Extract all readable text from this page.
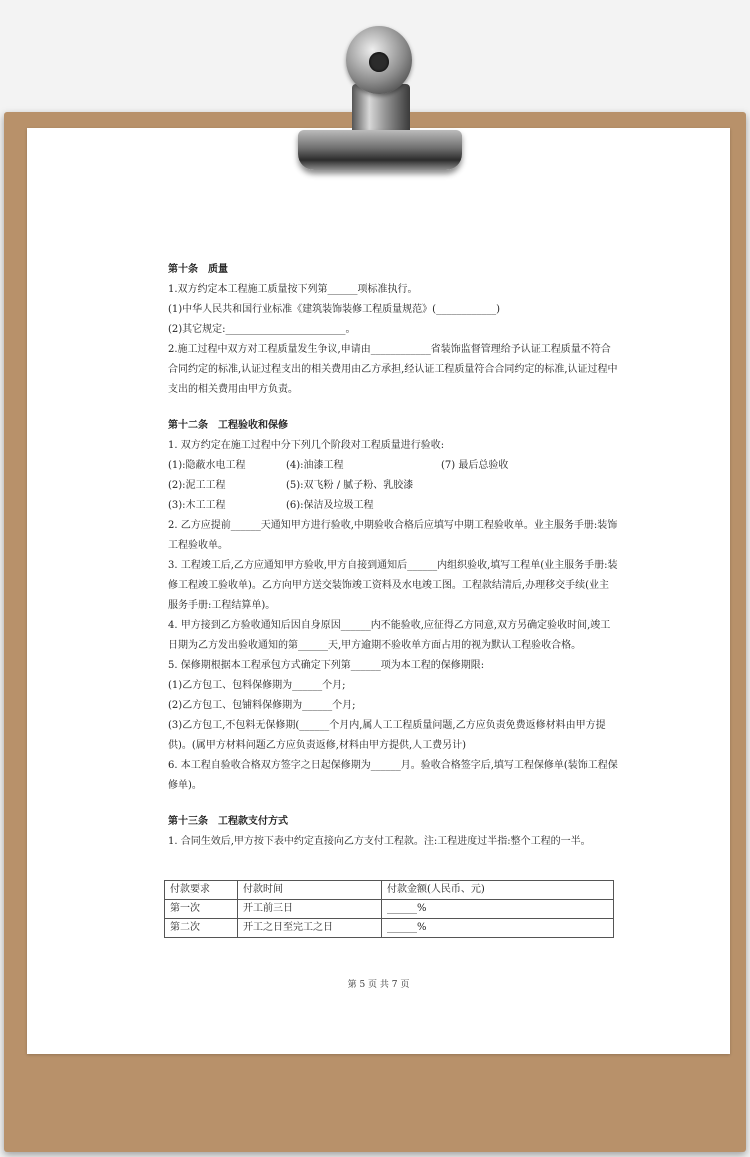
第十条　质量
1.双方约定本工程施工质量按下列第______项标准执行。
(1)中华人民共和国行业标准《建筑装饰装修工程质量规范》(____________)
(2)其它规定:________________________。
2.施工过程中双方对工程质量发生争议,申请由____________省装饰监督管理给予认证工程质量不符合合同约定的标准,认证过程支出的相关费用由乙方承担,经认证工程质量符合合同约定的标准,认证过程中支出的相关费用由甲方负责。
第十二条　工程验收和保修
1. 双方约定在施工过程中分下列几个阶段对工程质量进行验收:
(1):隐蔽水电工程	(4):油漆工程	(7) 最后总验收
(2):泥工工程	(5):双飞粉 / 腻子粉、乳胶漆
(3):木工工程	(6):保洁及垃圾工程
2. 乙方应提前______天通知甲方进行验收,中期验收合格后应填写中期工程验收单。业主服务手册:装饰工程验收单。
3. 工程竣工后,乙方应通知甲方验收,甲方自接到通知后______内组织验收,填写工程单(业主服务手册:装修工程竣工验收单)。乙方向甲方送交装饰竣工资料及水电竣工图。工程款结清后,办理移交手续(业主服务手册:工程结算单)。
4. 甲方接到乙方验收通知后因自身原因______内不能验收,应征得乙方同意,双方另确定验收时间,竣工日期为乙方发出验收通知的第______天,甲方逾期不验收单方面占用的视为默认工程验收合格。
5. 保修期根据本工程承包方式确定下列第______项为本工程的保修期限:
(1)乙方包工、包料保修期为______个月;
(2)乙方包工、包铺料保修期为______个月;
(3)乙方包工,不包料无保修期(______个月内,属人工工程质量问题,乙方应负责免费返修材料由甲方提供)。(属甲方材料问题乙方应负责返修,材料由甲方提供,人工费另计)
6. 本工程自验收合格双方签字之日起保修期为______月。验收合格签字后,填写工程保修单(装饰工程保修单)。
第十三条　工程款支付方式
1. 合同生效后,甲方按下表中约定直接向乙方支付工程款。注:工程进度过半指:整个工程的一半。
付款要求	付款时间	付款金额(人民币、元)
第一次	开工前三日	______%
第二次	开工之日至完工之日	______%
第 5 页 共 7 页
